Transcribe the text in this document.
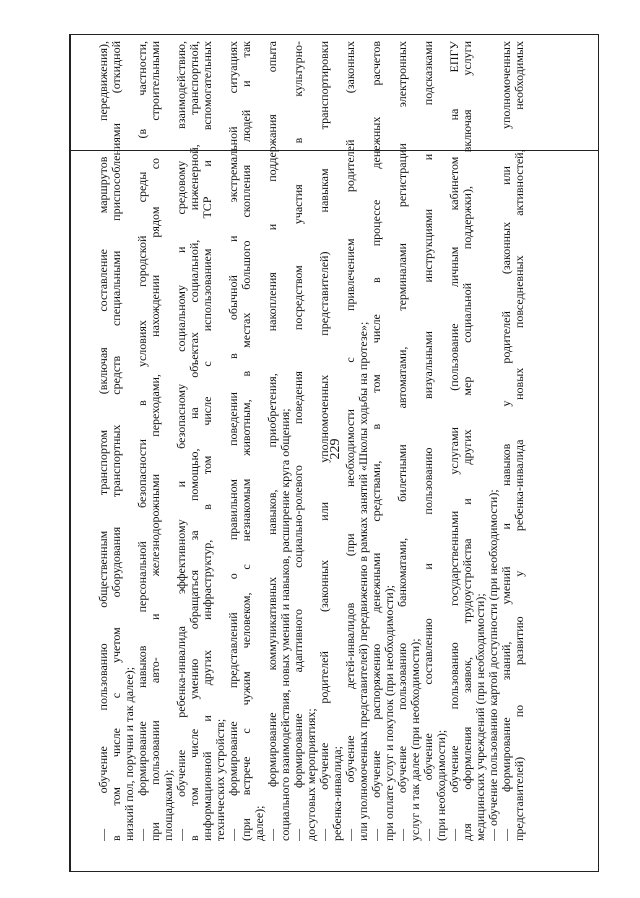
229
— обучение пользованию общественным транспортом (включая составление маршрутов передвижения), в том числе с учетом оборудования транспортных средств специальными приспособлениями (откидной низкий пол, поручни и так далее); — формирование навыков персональной безопасности в условиях городской среды (в частности, при пользовании авто- и железнодорожными переходами, нахождении рядом со строительными площадками); — обучение ребенка-инвалида эффективному и безопасному социальному и средовому взаимодействию, в том числе умению обращаться за помощью, на объектах социальной, инженерной, транспортной, информационной и других инфраструктур, в том числе с использованием ТСР и вспомогательных технических устройств; — формирование представлений о правильном поведении в обычной и экстремальной ситуациях (при встрече с чужим человеком, с незнакомым животным, в местах большого скопления людей и так далее); — формирование коммуникативных навыков, приобретения, накопления и поддержания опыта социального взаимодействия, новых умений и навыков, расширение круга общения; — формирование адаптивного социально-ролевого поведения посредством участия в культурно- досуговых мероприятиях; — обучение родителей (законных или уполномоченных представителей) навыкам транспортировки ребенка-инвалида; — обучение детей-инвалидов (при необходимости с привлечением родителей (законных или уполномоченных представителей) передвижению в рамках занятий «Школы ходьбы на протезе»; — обучение распоряжению денежными средствами, в том числе в процессе денежных расчетов при оплате услуг и покупок (при необходимости); — обучение пользованию банкоматами, билетными автоматами, терминалами регистрации электронных услуг и так далее (при необходимости); — обучение составлению и пользованию визуальными инструкциями и подсказками (при необходимости); — обучение пользованию государственными услугами (пользование личным кабинетом на ЕПГУ для оформления заявок, трудоустройства и других мер социальной поддержки), включая услуги медицинских учреждений (при необходимости); — обучение пользованию картой доступности (при необходимости); — формирование знаний, умений и навыков у родителей (законных или уполномоченных представителей) по развитию у ребенка-инвалида новых повседневных активностей, необходимых
